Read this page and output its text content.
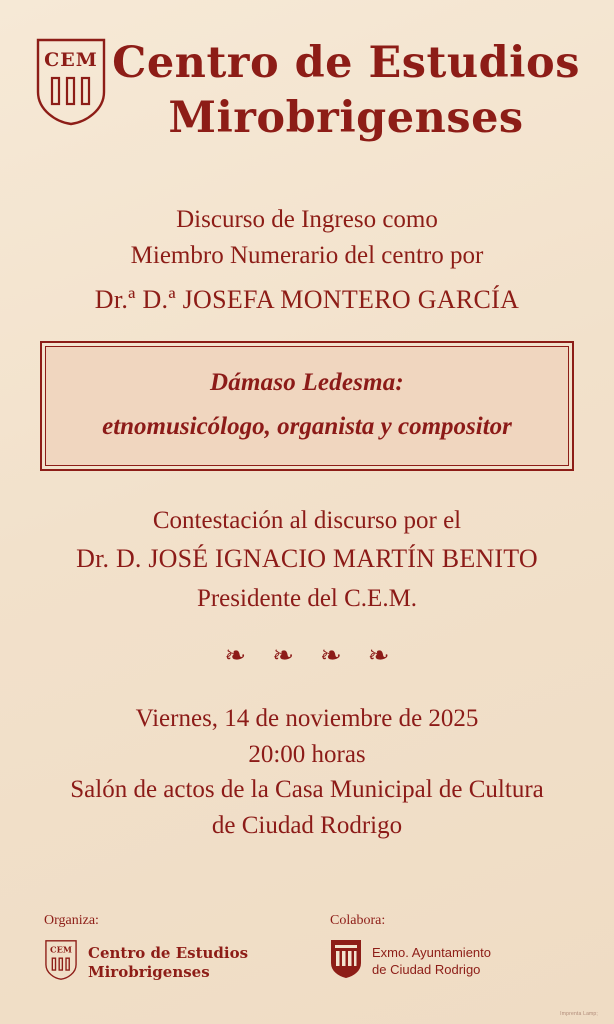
CEM Centro de Estudios
Mirobrigenses
Discurso de Ingreso como
Miembro Numerario del centro por
Dr.ª D.ª JOSEFA MONTERO GARCÍA
Dámaso Ledesma:
etnomusicólogo, organista y compositor
Contestación al discurso por el
Dr. D. JOSÉ IGNACIO MARTÍN BENITO
Presidente del C.E.M.
❧❧❧❧
Viernes, 14 de noviembre de 2025
20:00 horas
Salón de actos de la Casa Municipal de Cultura
de Ciudad Rodrigo
Organiza:
CEM Centro de Estudios
Mirobrigenses
Colabora:
Exmo. Ayuntamiento
de Ciudad Rodrigo
Imprenta Lamp;
